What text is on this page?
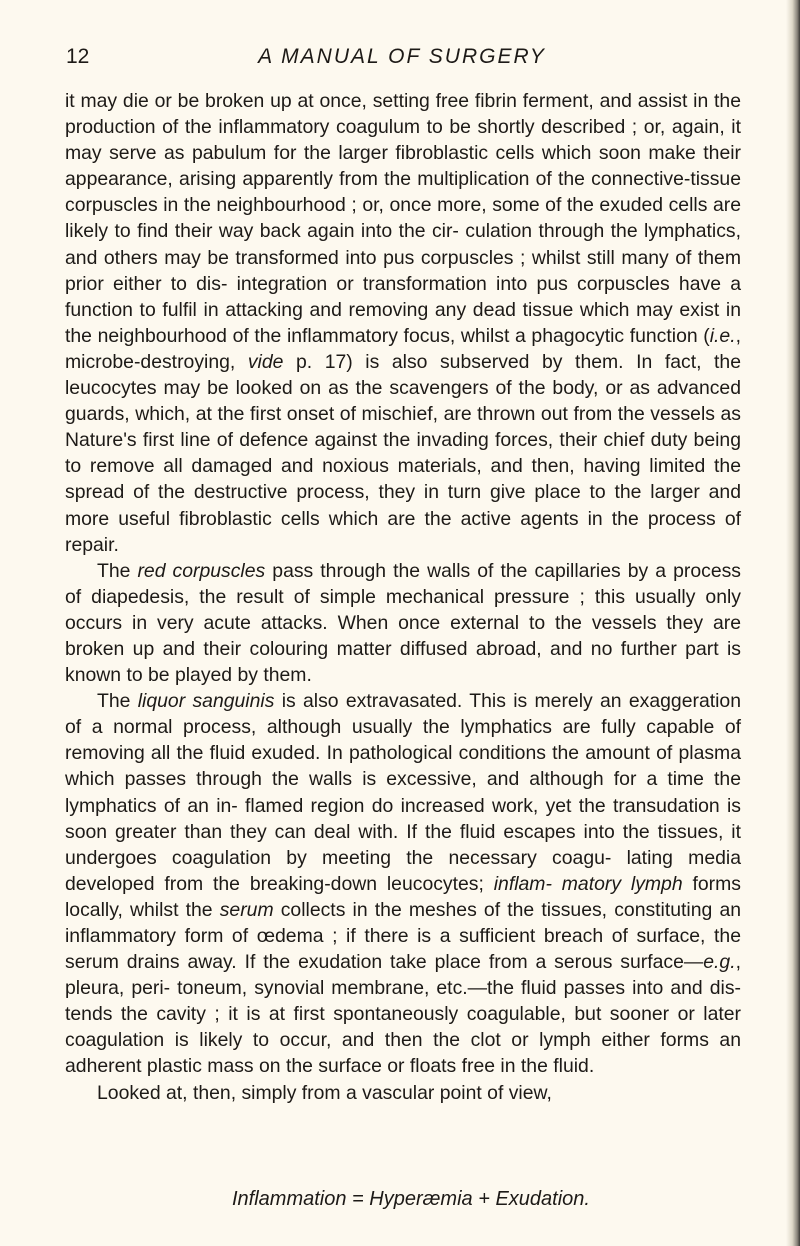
12	A MANUAL OF SURGERY

it may die or be broken up at once, setting free fibrin ferment, and assist in the production of the inflammatory coagulum to be shortly described ; or, again, it may serve as pabulum for the larger fibroblastic cells which soon make their appearance, arising apparently from the multiplication of the connective-tissue corpuscles in the neighbourhood ; or, once more, some of the exuded cells are likely to find their way back again into the cir- culation through the lymphatics, and others may be transformed into pus corpuscles ; whilst still many of them prior either to dis- integration or transformation into pus corpuscles have a function to fulfil in attacking and removing any dead tissue which may exist in the neighbourhood of the inflammatory focus, whilst a phagocytic function (i.e., microbe-destroying, vide p. 17) is also subserved by them. In fact, the leucocytes may be looked on as the scavengers of the body, or as advanced guards, which, at the first onset of mischief, are thrown out from the vessels as Nature's first line of defence against the invading forces, their chief duty being to remove all damaged and noxious materials, and then, having limited the spread of the destructive process, they in turn give place to the larger and more useful fibroblastic cells which are the active agents in the process of repair.

The red corpuscles pass through the walls of the capillaries by a process of diapedesis, the result of simple mechanical pressure ; this usually only occurs in very acute attacks. When once external to the vessels they are broken up and their colouring matter diffused abroad, and no further part is known to be played by them.

The liquor sanguinis is also extravasated. This is merely an exaggeration of a normal process, although usually the lymphatics are fully capable of removing all the fluid exuded. In pathological conditions the amount of plasma which passes through the walls is excessive, and although for a time the lymphatics of an in- flamed region do increased work, yet the transudation is soon greater than they can deal with. If the fluid escapes into the tissues, it undergoes coagulation by meeting the necessary coagu- lating media developed from the breaking-down leucocytes; inflam- matory lymph forms locally, whilst the serum collects in the meshes of the tissues, constituting an inflammatory form of œdema ; if there is a sufficient breach of surface, the serum drains away. If the exudation take place from a serous surface—e.g., pleura, peri- toneum, synovial membrane, etc.—the fluid passes into and dis- tends the cavity ; it is at first spontaneously coagulable, but sooner or later coagulation is likely to occur, and then the clot or lymph either forms an adherent plastic mass on the surface or floats free in the fluid.

Looked at, then, simply from a vascular point of view,

Inflammation = Hyperæmia + Exudation.
